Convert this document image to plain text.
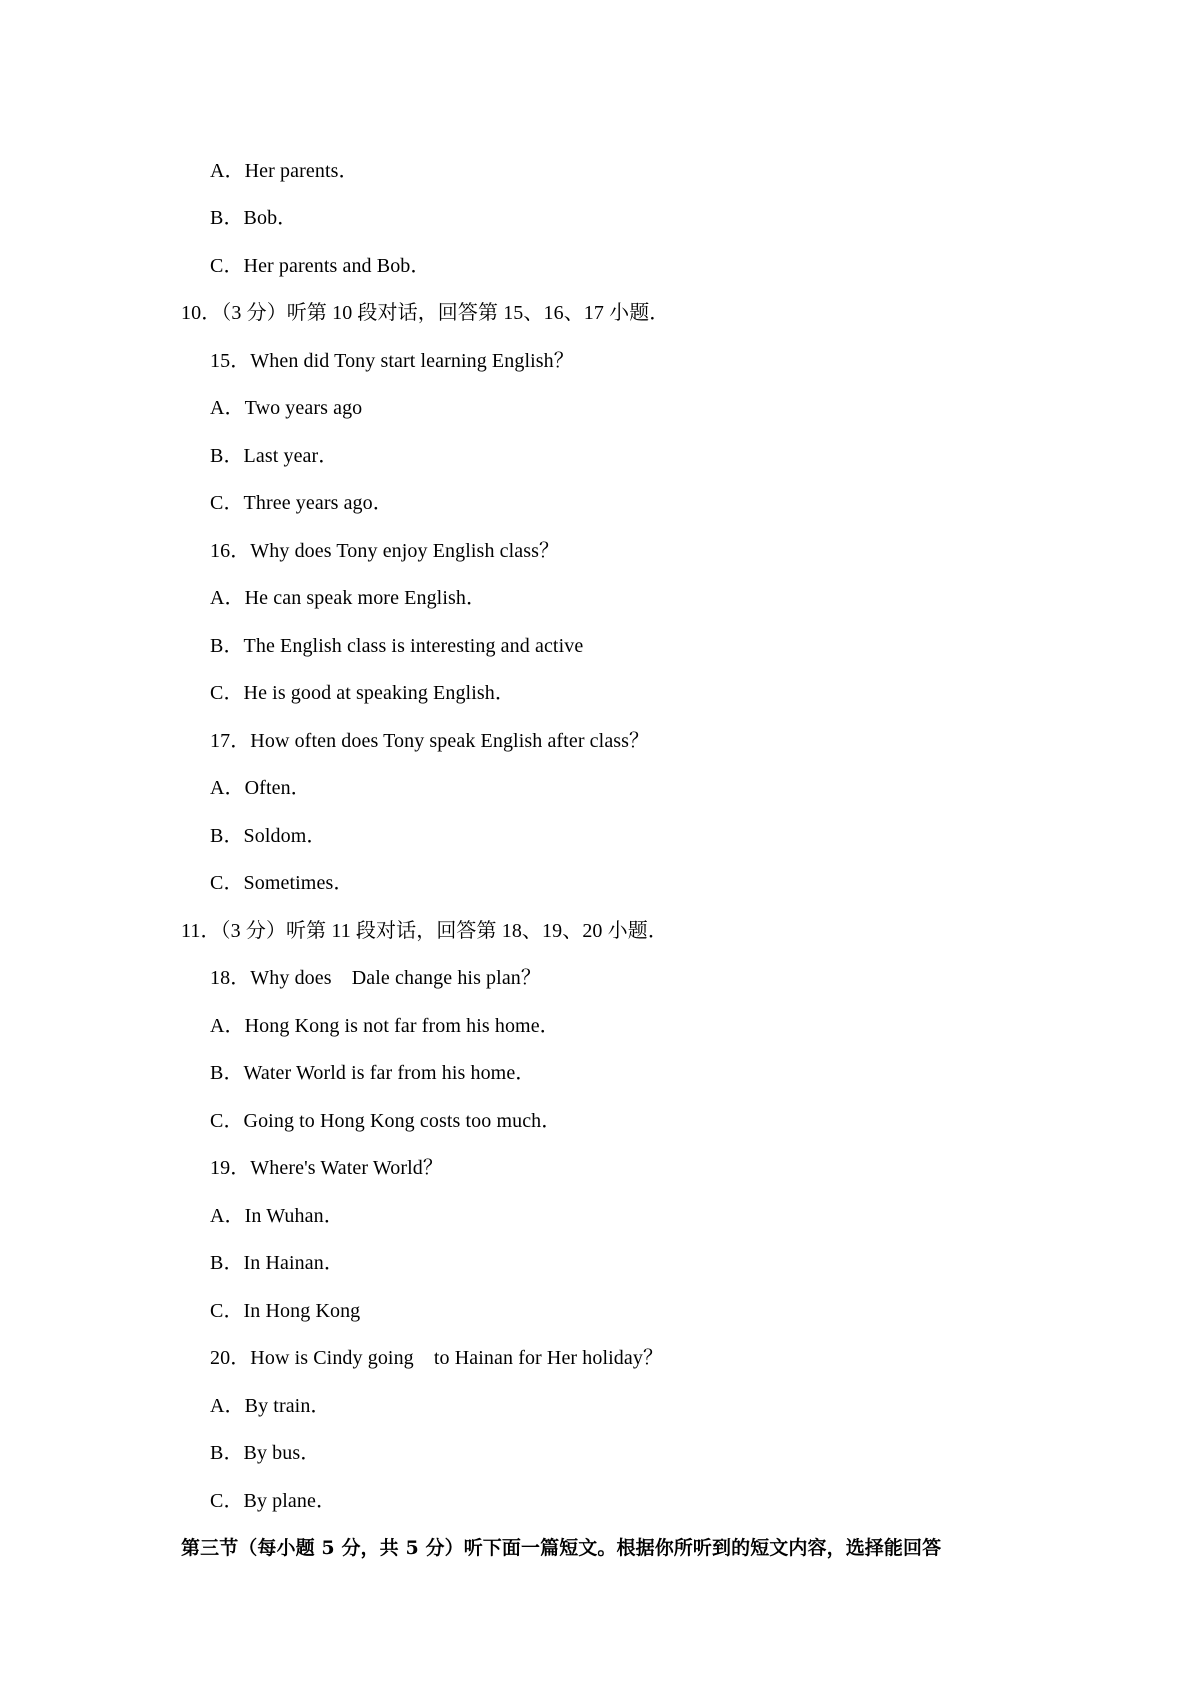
A．Her parents．
B．Bob．
C．Her parents and Bob．
10．（3 分）听第 10 段对话，回答第 15、16、17 小题．
15．When did Tony start learning English？
A．Two years ago
B．Last year．
C．Three years ago．
16．Why does Tony enjoy English class？
A．He can speak more English．
B．The English class is interesting and active
C．He is good at speaking English．
17．How often does Tony speak English after class？
A．Often．
B．Soldom．
C．Sometimes．
11．（3 分）听第 11 段对话，回答第 18、19、20 小题．
18．Why does　Dale change his plan？
A．Hong Kong is not far from his home．
B．Water World is far from his home．
C．Going to Hong Kong costs too much．
19．Where's Water World？
A．In Wuhan．
B．In Hainan．
C．In Hong Kong
20．How is Cindy going　to Hainan for Her holiday？
A．By train．
B．By bus．
C．By plane．
第三节（每小题 5 分，共 5 分）听下面一篇短文。根据你所听到的短文内容，选择能回答
